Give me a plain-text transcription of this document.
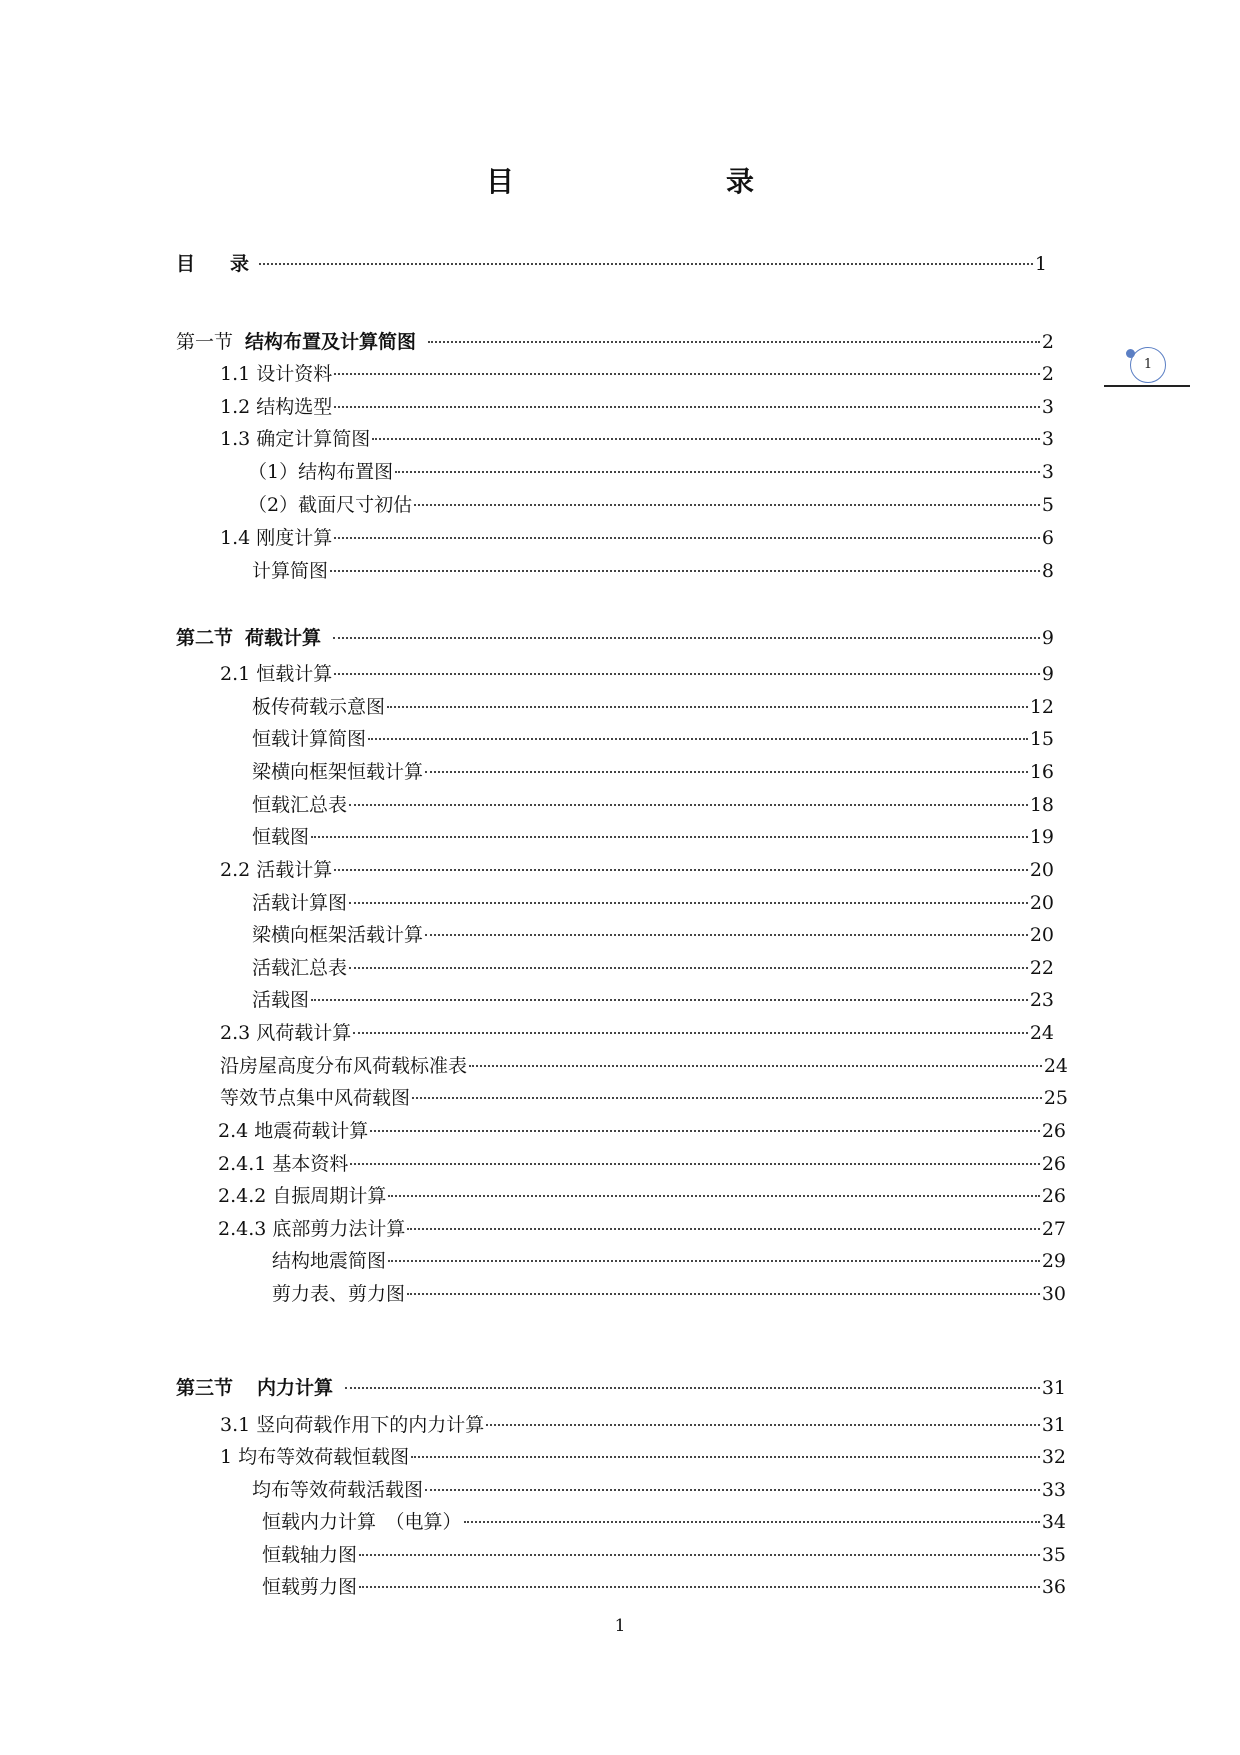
目　　录
目　录	1
第一节 结构布置及计算简图	2
1.1 设计资料	2
1.2 结构选型	3
1.3 确定计算简图	3
（1）结构布置图	3
（2）截面尺寸初估	5
1.4 刚度计算	6
计算简图	8
第二节 荷载计算	9
2.1 恒载计算	9
板传荷载示意图	12
恒载计算简图	15
梁横向框架恒载计算	16
恒载汇总表	18
恒载图	19
2.2 活载计算	20
活载计算图	20
梁横向框架活载计算	20
活载汇总表	22
活载图	23
2.3 风荷载计算	24
沿房屋高度分布风荷载标准表	24
等效节点集中风荷载图	25
2.4 地震荷载计算	26
2.4.1 基本资料	26
2.4.2 自振周期计算	26
2.4.3 底部剪力法计算	27
结构地震简图	29
剪力表、剪力图	30
第三节 内力计算	31
3.1 竖向荷载作用下的内力计算	31
1 均布等效荷载恒载图	32
均布等效荷载活载图	33
恒载内力计算　（电算）	34
恒载轴力图	35
恒载剪力图	36
1
1
